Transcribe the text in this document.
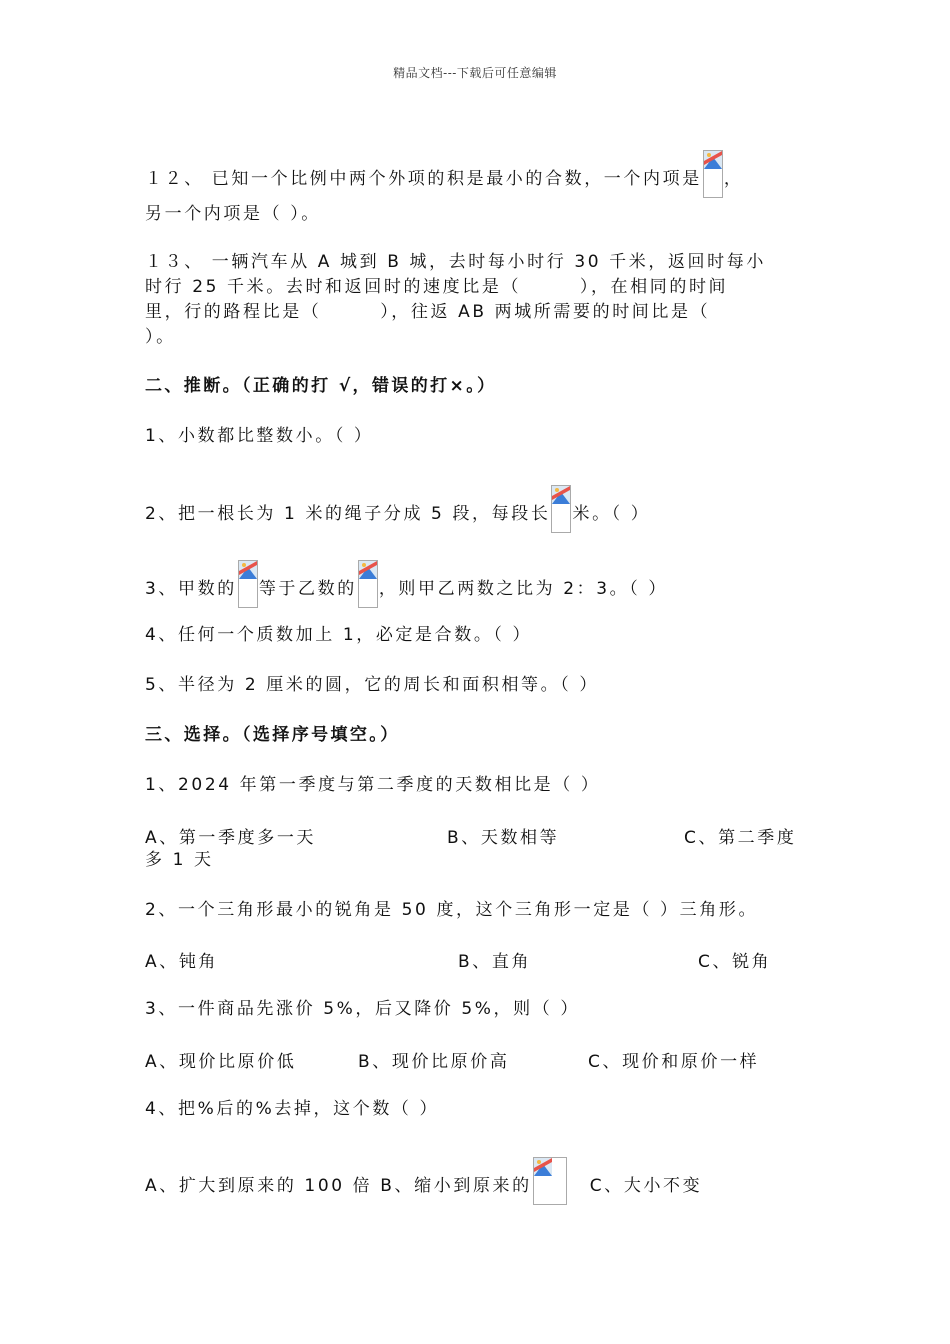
精品文档---下载后可任意编辑
１２、 已知一个比例中两个外项的积是最小的合数，一个内项是 ，
另一个内项是（ ）。
１３、 一辆汽车从 A 城到 B 城，去时每小时行 30 千米，返回时每小
时行 25 千米。去时和返回时的速度比是（　　　），在相同的时间
里，行的路程比是（　　　），往返 AB 两城所需要的时间比是（
）。
二、推断。（正确的打 √，错误的打×。）
1、小数都比整数小。（ ）
2、把一根长为 1 米的绳子分成 5 段，每段长 米。（ ）
3、甲数的 等于乙数的 ，则甲乙两数之比为 2：3。（ ）
4、任何一个质数加上 1，必定是合数。（ ）
5、半径为 2 厘米的圆，它的周长和面积相等。（ ）
三、选择。（选择序号填空。）
1、2024 年第一季度与第二季度的天数相比是（ ）
A、第一季度多一天	B、天数相等	C、第二季度
多 1 天
2、一个三角形最小的锐角是 50 度，这个三角形一定是（ ）三角形。
A、钝角	B、直角	C、锐角
3、一件商品先涨价 5%，后又降价 5%，则（ ）
A、现价比原价低	B、现价比原价高	C、现价和原价一样
4、把%后的%去掉，这个数（ ）
A、扩大到原来的 100 倍 B、缩小到原来的	C、大小不变
